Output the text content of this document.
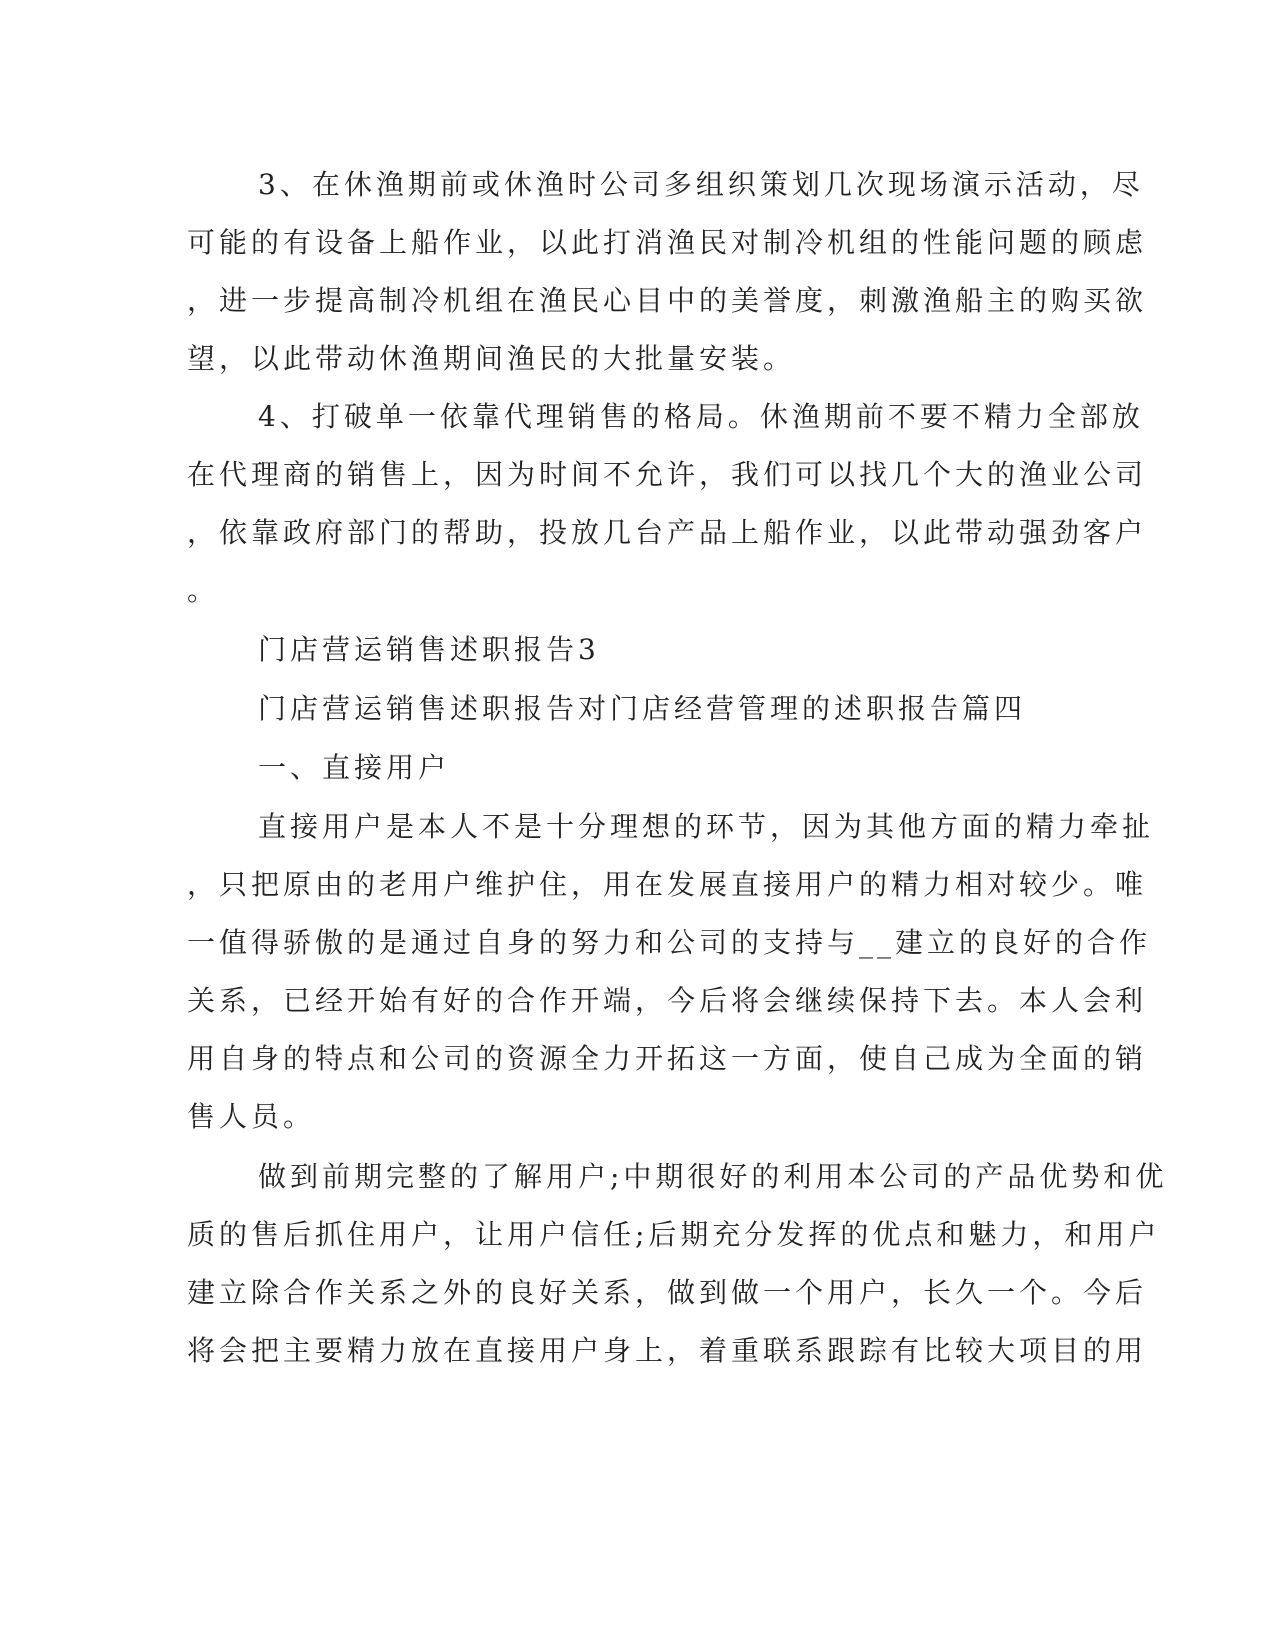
3、在休渔期前或休渔时公司多组织策划几次现场演示活动，尽
可能的有设备上船作业，以此打消渔民对制冷机组的性能问题的顾虑
，进一步提高制冷机组在渔民心目中的美誉度，刺激渔船主的购买欲
望，以此带动休渔期间渔民的大批量安装。
4、打破单一依靠代理销售的格局。休渔期前不要不精力全部放
在代理商的销售上，因为时间不允许，我们可以找几个大的渔业公司
，依靠政府部门的帮助，投放几台产品上船作业，以此带动强劲客户
。
门店营运销售述职报告3
门店营运销售述职报告对门店经营管理的述职报告篇四
一、直接用户
直接用户是本人不是十分理想的环节，因为其他方面的精力牵扯
，只把原由的老用户维护住，用在发展直接用户的精力相对较少。唯
一值得骄傲的是通过自身的努力和公司的支持与__建立的良好的合作
关系，已经开始有好的合作开端，今后将会继续保持下去。本人会利
用自身的特点和公司的资源全力开拓这一方面，使自己成为全面的销
售人员。
做到前期完整的了解用户;中期很好的利用本公司的产品优势和优
质的售后抓住用户，让用户信任;后期充分发挥的优点和魅力，和用户
建立除合作关系之外的良好关系，做到做一个用户，长久一个。今后
将会把主要精力放在直接用户身上，着重联系跟踪有比较大项目的用
